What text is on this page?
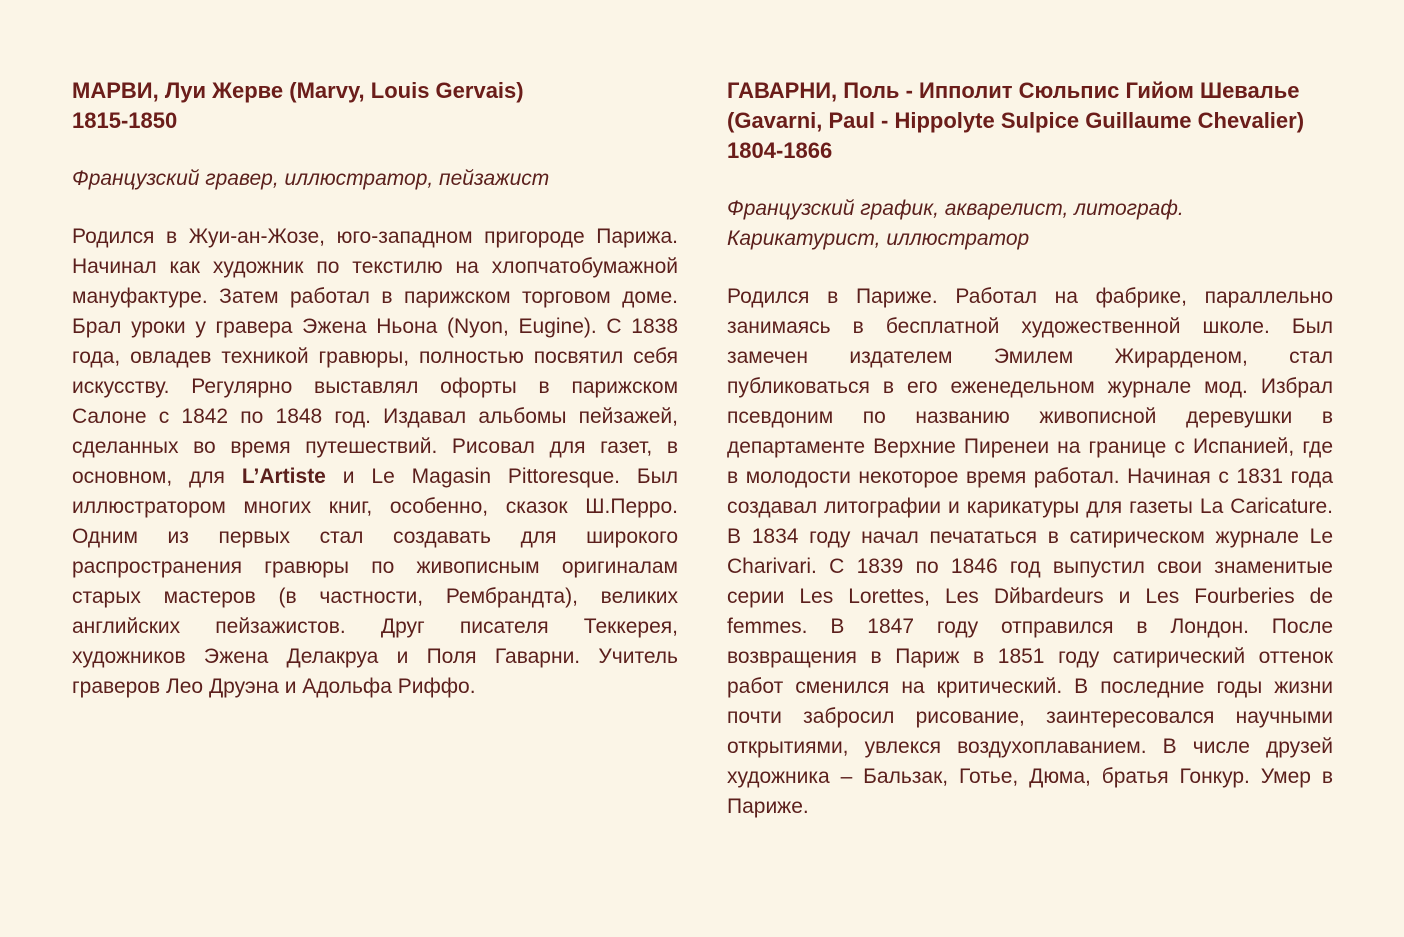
МАРВИ, Луи Жерве (Marvy, Louis Gervais)
1815-1850

Французский гравер, иллюстратор, пейзажист

Родился в Жуи-ан-Жозе, юго-западном пригороде Парижа. Начинал как художник по текстилю на хлопчатобумажной мануфактуре. Затем работал в парижском торговом доме. Брал уроки у гравера Эжена Ньона (Nyon, Eugine). С 1838 года, овладев техникой гравюры, полностью посвятил себя искусству. Регулярно выставлял офорты в парижском Салоне с 1842 по 1848 год. Издавал альбомы пейзажей, сделанных во время путешествий. Рисовал для газет, в основном, для L’Artiste и Le Magasin Pittoresque. Был иллюстратором многих книг, особенно, сказок Ш.Перро. Одним из первых стал создавать для широкого распространения гравюры по живописным оригиналам старых мастеров (в частности, Рембрандта), великих английских пейзажистов. Друг писателя Теккерея, художников Эжена Делакруа и Поля Гаварни. Учитель граверов Лео Друэна и Адольфа Риффо.

ГАВАРНИ, Поль - Ипполит Сюльпис Гийом Шевалье
(Gavarni, Paul - Hippolyte Sulpice Guillaume Chevalier)
1804-1866

Французский график, акварелист, литограф. Карикатурист, иллюстратор

Родился в Париже. Работал на фабрике, параллельно занимаясь в бесплатной художественной школе. Был замечен издателем Эмилем Жирарденом, стал публиковаться в его еженедельном журнале мод. Избрал псевдоним по названию живописной деревушки в департаменте Верхние Пиренеи на границе с Испанией, где в молодости некоторое время работал. Начиная с 1831 года создавал литографии и карикатуры для газеты La Caricature. В 1834 году начал печататься в сатирическом журнале Le Charivari. С 1839 по 1846 год выпустил свои знаменитые серии Les Lorettes, Les Dйbardeurs и Les Fourberies de femmes. В 1847 году отправился в Лондон. После возвращения в Париж в 1851 году сатирический оттенок работ сменился на критический. В последние годы жизни почти забросил рисование, заинтересовался научными открытиями, увлекся воздухоплаванием. В числе друзей художника – Бальзак, Готье, Дюма, братья Гонкур. Умер в Париже.
